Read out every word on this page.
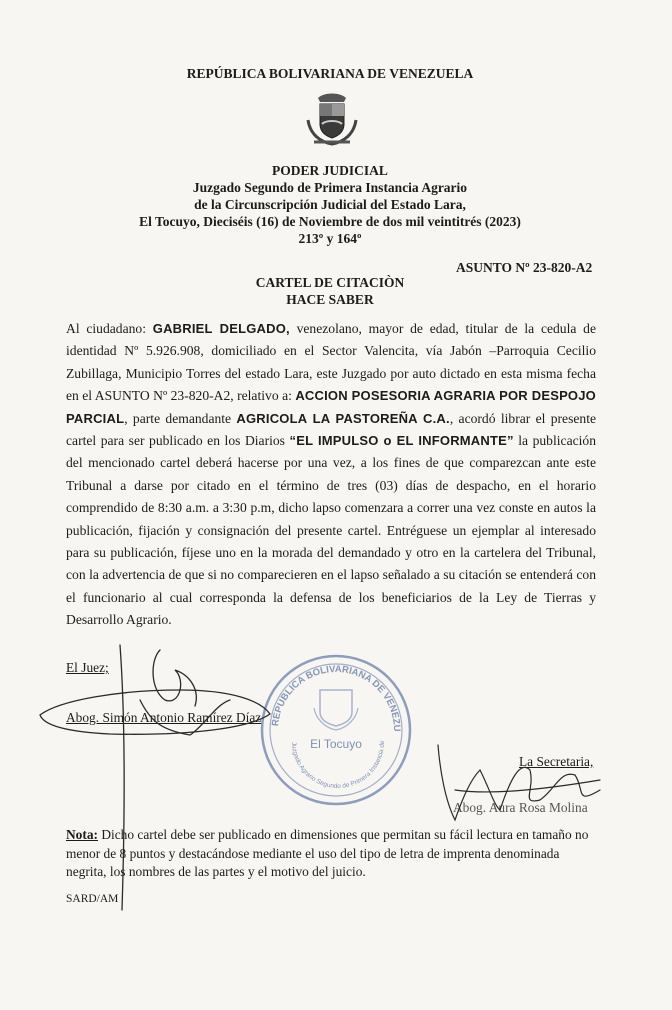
REPÚBLICA BOLIVARIANA DE VENEZUELA
PODER JUDICIAL
Juzgado Segundo de Primera Instancia Agrario
de la Circunscripción Judicial del Estado Lara,
El Tocuyo, Dieciséis (16) de Noviembre de dos mil veintitrés (2023)
213º y 164º
ASUNTO Nº 23-820-A2
CARTEL DE CITACIÒN
HACE SABER
Al ciudadano: GABRIEL DELGADO, venezolano, mayor de edad, titular de la cedula de identidad Nº 5.926.908, domiciliado en el Sector Valencita, vía Jabón –Parroquia Cecilio Zubillaga, Municipio Torres del estado Lara, este Juzgado por auto dictado en esta misma fecha en el ASUNTO Nº 23-820-A2, relativo a: ACCION POSESORIA AGRARIA POR DESPOJO PARCIAL, parte demandante AGRICOLA LA PASTOREÑA C.A., acordó librar el presente cartel para ser publicado en los Diarios “EL IMPULSO o EL INFORMANTE” la publicación del mencionado cartel deberá hacerse por una vez, a los fines de que comparezcan ante este Tribunal a darse por citado en el término de tres (03) días de despacho, en el horario comprendido de 8:30 a.m. a 3:30 p.m, dicho lapso comenzara a correr una vez conste en autos la publicación, fijación y consignación del presente cartel. Entréguese un ejemplar al interesado para su publicación, fíjese uno en la morada del demandado y otro en la cartelera del Tribunal, con la advertencia de que si no comparecieren en el lapso señalado a su citación se entenderá con el funcionario al cual corresponda la defensa de los beneficiarios de la Ley de Tierras y Desarrollo Agrario.
El Juez;
Abog. Simón Antonio Ramírez Díaz
La Secretaria,
Abog. Aura Rosa Molina
REPUBLICA BOLIVARIANA DE VENEZU
Juzgado Agrario Segundo de Primera Instancia de
El Tocuyo
Nota: Dicho cartel debe ser publicado en dimensiones que permitan su fácil lectura en tamaño no menor de 8 puntos y destacándose mediante el uso del tipo de letra de imprenta denominada negrita, los nombres de las partes y el motivo del juicio.
SARD/AM
